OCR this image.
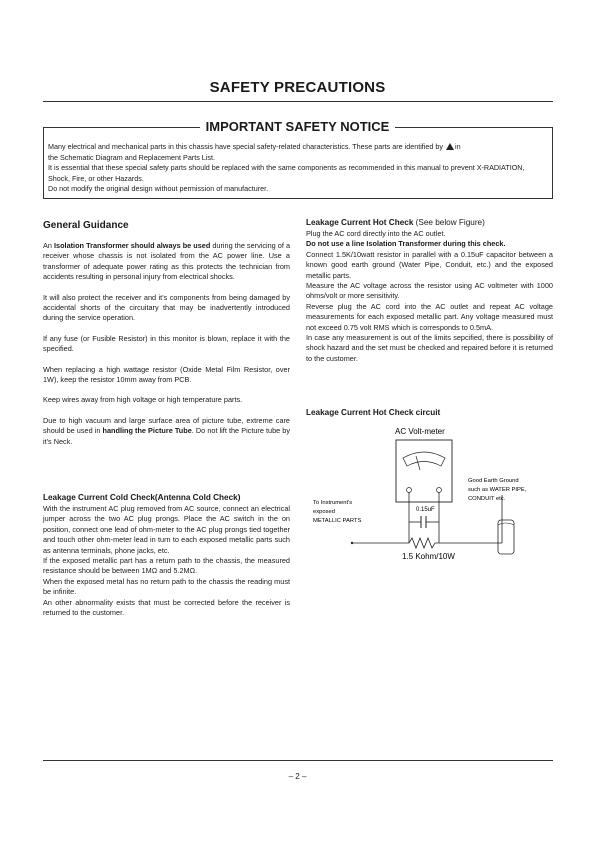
SAFETY PRECAUTIONS
IMPORTANT SAFETY NOTICE

Many electrical and mechanical parts in this chassis have special safety-related characteristics. These parts are identified by in

the Schematic Diagram and Replacement Parts List.

It is essential that these special safety parts should be replaced with the same components as recommended in this manual to prevent X-RADIATION, Shock, Fire, or other Hazards.

Do not modify the original design without permission of manufacturer.

General Guidance

An Isolation Transformer should always be used during the servicing of a receiver whose chassis is not isolated from the AC power line. Use a transformer of adequate power rating as this protects the technician from accidents resulting in personal injury from electrical shocks.

It will also protect the receiver and it's components from being damaged by accidental shorts of the circuitary that may be inadvertently introduced during the service operation.

If any fuse (or Fusible Resistor) in this monitor is blown, replace it with the specified.

When replacing a high wattage resistor (Oxide Metal Film Resistor, over 1W), keep the resistor 10mm away from PCB.

Keep wires away from high voltage or high temperature parts.

Due to high vacuum and large surface area of picture tube, extreme care should be used in handling the Picture Tube. Do not lift the Picture tube by it's Neck.

Leakage Current Cold Check(Antenna Cold Check)

With the instrument AC plug removed from AC source, connect an electrical jumper across the two AC plug prongs. Place the AC switch in the on position, connect one lead of ohm-meter to the AC plug prongs tied together and touch other ohm-meter lead in turn to each exposed metallic parts such as antenna terminals, phone jacks, etc.

If the exposed metallic part has a return path to the chassis, the measured resistance should be between 1MΩ and 5.2MΩ.

When the exposed metal has no return path to the chassis the reading must be infinite.

An other abnormality exists that must be corrected before the receiver is returned to the customer.

Leakage Current Hot Check (See below Figure)

Plug the AC cord directly into the AC outlet.

Do not use a line Isolation Transformer during this check.

Connect 1.5K/10watt resistor in parallel with a 0.15uF capacitor between a known good earth ground (Water Pipe, Conduit, etc.) and the exposed metallic parts.

Measure the AC voltage across the resistor using AC voltmeter with 1000 ohms/volt or more sensitivity.

Reverse plug the AC cord into the AC outlet and repeat AC voltage measurements for each exposed metallic part. Any voltage measured must not exceed 0.75 volt RMS which is corresponds to 0.5mA.

In case any measurement is out of the limits sepcified, there is possibility of shock hazard and the set must be checked and repaired before it is returned to the customer.

Leakage Current Hot Check circuit
AC Volt-meter
0.15uF
1.5 Kohm/10W
Good Earth Ground
such as WATER PIPE,
CONDUIT etc.
To Instrument's
exposed
METALLIC PARTS
– 2 –
